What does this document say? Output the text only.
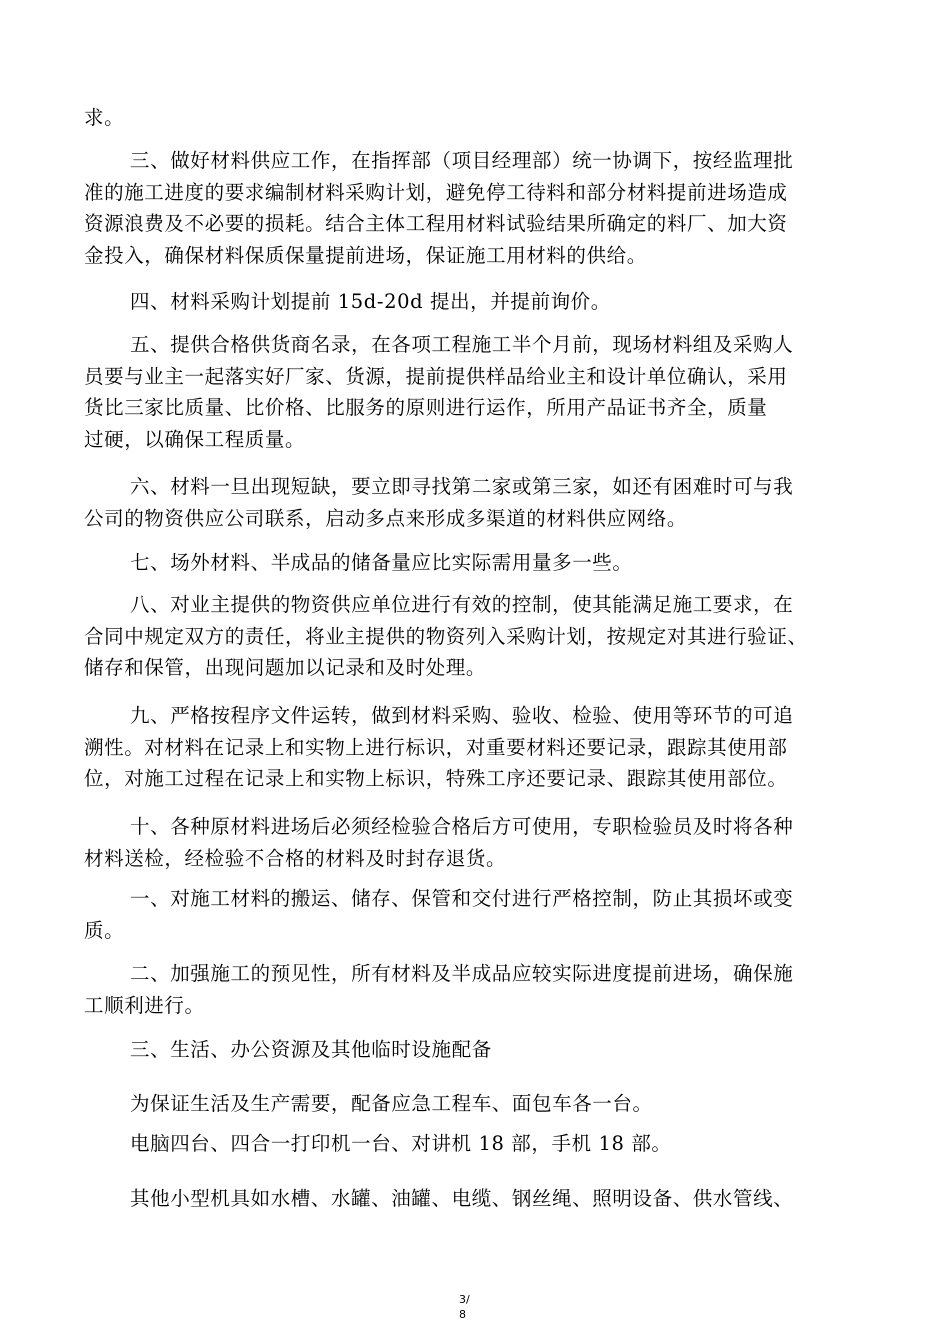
求。

三、做好材料供应工作，在指挥部（项目经理部）统一协调下，按经监理批
准的施工进度的要求编制材料采购计划，避免停工待料和部分材料提前进场造成
资源浪费及不必要的损耗。结合主体工程用材料试验结果所确定的料厂、加大资
金投入，确保材料保质保量提前进场，保证施工用材料的供给。

四、材料采购计划提前 15d-20d 提出，并提前询价。

五、提供合格供货商名录，在各项工程施工半个月前，现场材料组及采购人
员要与业主一起落实好厂家、货源，提前提供样品给业主和设计单位确认，采用
货比三家比质量、比价格、比服务的原则进行运作，所用产品证书齐全，质量
过硬，以确保工程质量。

六、材料一旦出现短缺，要立即寻找第二家或第三家，如还有困难时可与我
公司的物资供应公司联系，启动多点来形成多渠道的材料供应网络。

七、场外材料、半成品的储备量应比实际需用量多一些。

八、对业主提供的物资供应单位进行有效的控制，使其能满足施工要求，在
合同中规定双方的责任，将业主提供的物资列入采购计划，按规定对其进行验证、
储存和保管，出现问题加以记录和及时处理。

九、严格按程序文件运转，做到材料采购、验收、检验、使用等环节的可追
溯性。对材料在记录上和实物上进行标识，对重要材料还要记录，跟踪其使用部
位，对施工过程在记录上和实物上标识，特殊工序还要记录、跟踪其使用部位。

十、各种原材料进场后必须经检验合格后方可使用，专职检验员及时将各种
材料送检，经检验不合格的材料及时封存退货。

一、对施工材料的搬运、储存、保管和交付进行严格控制，防止其损坏或变
质。

二、加强施工的预见性，所有材料及半成品应较实际进度提前进场，确保施
工顺利进行。

三、生活、办公资源及其他临时设施配备

为保证生活及生产需要，配备应急工程车、面包车各一台。

电脑四台、四合一打印机一台、对讲机 18 部，手机 18 部。

其他小型机具如水槽、水罐、油罐、电缆、钢丝绳、照明设备、供水管线、

3/
8
